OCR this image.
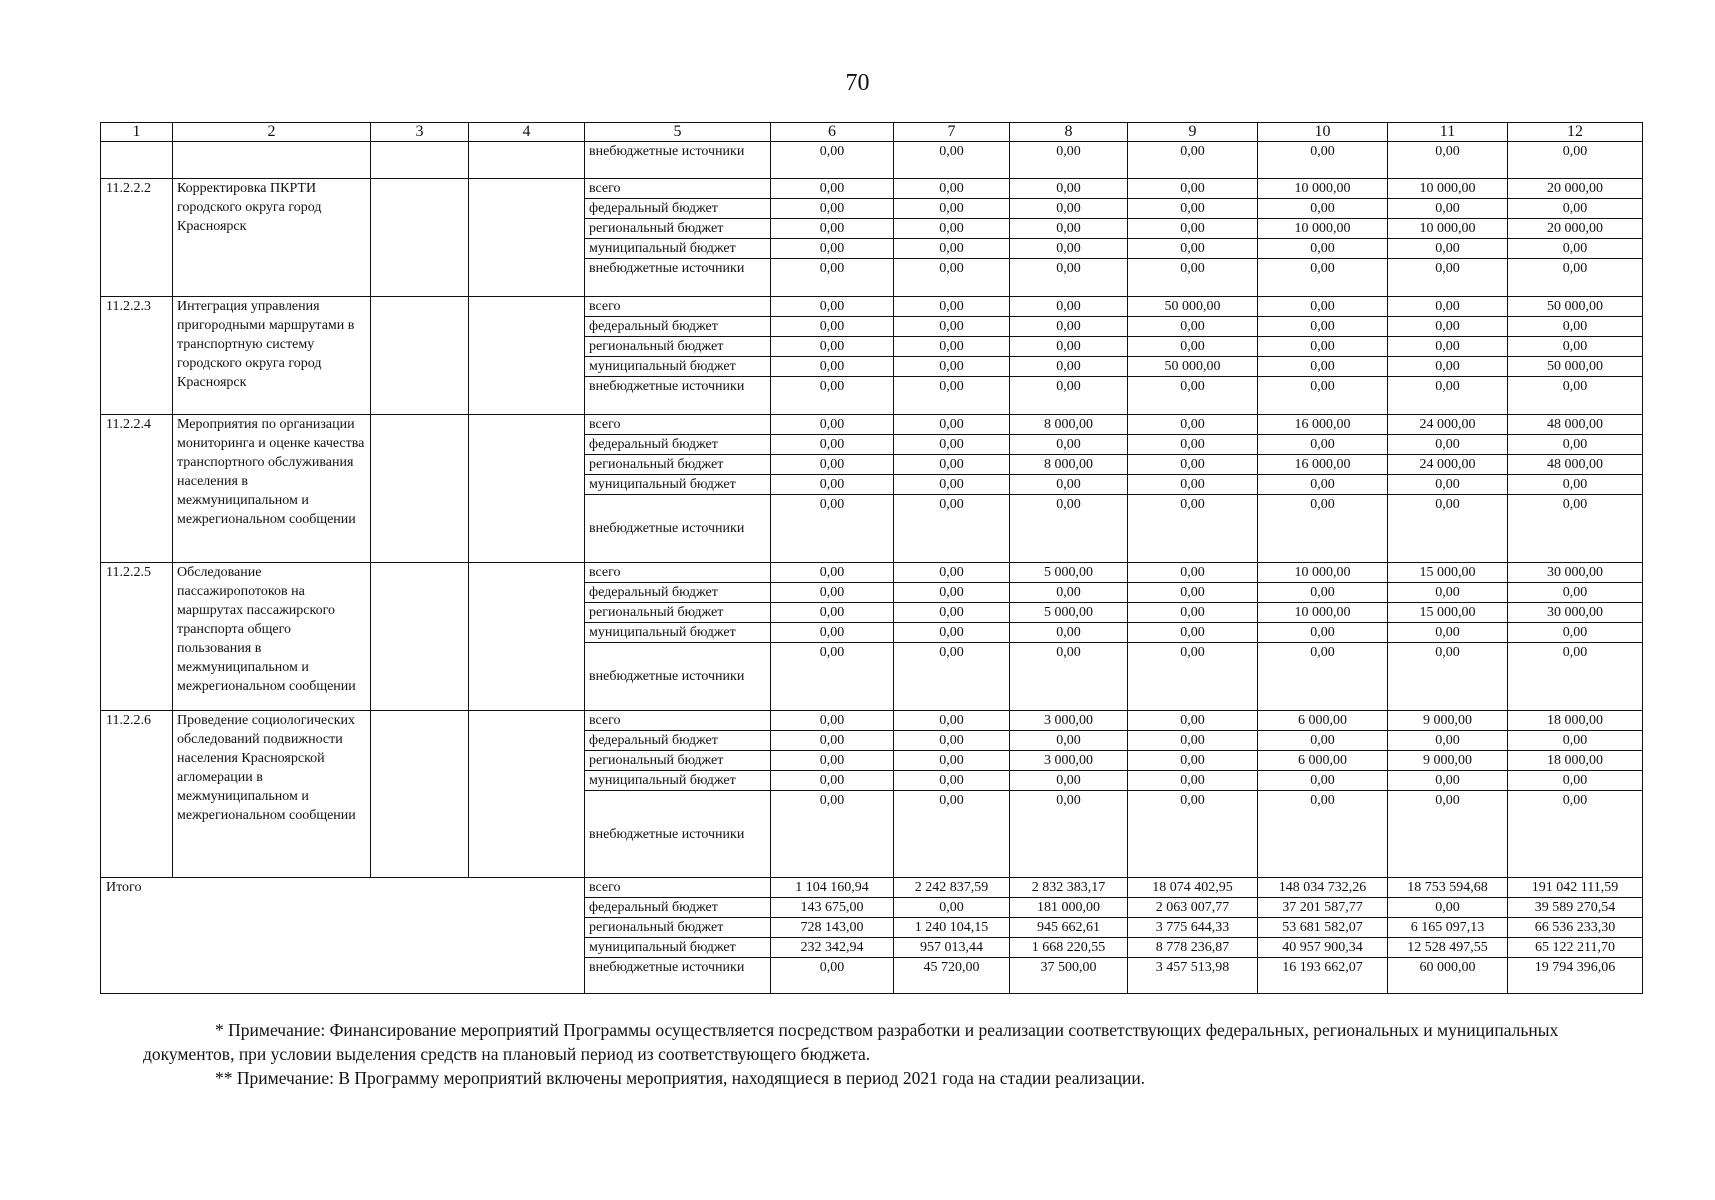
70
1	2	3	4	5	6	7	8	9	10	11	12
				внебюджетные источники	0,00	0,00	0,00	0,00	0,00	0,00	0,00
11.2.2.2	Корректировка ПКРТИ городского округа город Красноярск			всего	0,00	0,00	0,00	0,00	10 000,00	10 000,00	20 000,00
				федеральный бюджет	0,00	0,00	0,00	0,00	0,00	0,00	0,00
				региональный бюджет	0,00	0,00	0,00	0,00	10 000,00	10 000,00	20 000,00
				муниципальный бюджет	0,00	0,00	0,00	0,00	0,00	0,00	0,00
				внебюджетные источники	0,00	0,00	0,00	0,00	0,00	0,00	0,00
11.2.2.3	Интеграция управления пригородными маршрутами в транспортную систему городского округа город Красноярск			всего	0,00	0,00	0,00	50 000,00	0,00	0,00	50 000,00
				федеральный бюджет	0,00	0,00	0,00	0,00	0,00	0,00	0,00
				региональный бюджет	0,00	0,00	0,00	0,00	0,00	0,00	0,00
				муниципальный бюджет	0,00	0,00	0,00	50 000,00	0,00	0,00	50 000,00
				внебюджетные источники	0,00	0,00	0,00	0,00	0,00	0,00	0,00
11.2.2.4	Мероприятия по организации мониторинга и оценке качества транспортного обслуживания населения в межмуниципальном и межрегиональном сообщении			всего	0,00	0,00	8 000,00	0,00	16 000,00	24 000,00	48 000,00
				федеральный бюджет	0,00	0,00	0,00	0,00	0,00	0,00	0,00
				региональный бюджет	0,00	0,00	8 000,00	0,00	16 000,00	24 000,00	48 000,00
				муниципальный бюджет	0,00	0,00	0,00	0,00	0,00	0,00	0,00
				внебюджетные источники	0,00	0,00	0,00	0,00	0,00	0,00	0,00
11.2.2.5	Обследование пассажиропотоков на маршрутах пассажирского транспорта общего пользования в межмуниципальном и межрегиональном сообщении			всего	0,00	0,00	5 000,00	0,00	10 000,00	15 000,00	30 000,00
				федеральный бюджет	0,00	0,00	0,00	0,00	0,00	0,00	0,00
				региональный бюджет	0,00	0,00	5 000,00	0,00	10 000,00	15 000,00	30 000,00
				муниципальный бюджет	0,00	0,00	0,00	0,00	0,00	0,00	0,00
				внебюджетные источники	0,00	0,00	0,00	0,00	0,00	0,00	0,00
11.2.2.6	Проведение социологических обследований подвижности населения Красноярской агломерации в межмуниципальном и межрегиональном сообщении			всего	0,00	0,00	3 000,00	0,00	6 000,00	9 000,00	18 000,00
				федеральный бюджет	0,00	0,00	0,00	0,00	0,00	0,00	0,00
				региональный бюджет	0,00	0,00	3 000,00	0,00	6 000,00	9 000,00	18 000,00
				муниципальный бюджет	0,00	0,00	0,00	0,00	0,00	0,00	0,00
				внебюджетные источники	0,00	0,00	0,00	0,00	0,00	0,00	0,00
Итого				всего	1 104 160,94	2 242 837,59	2 832 383,17	18 074 402,95	148 034 732,26	18 753 594,68	191 042 111,59
				федеральный бюджет	143 675,00	0,00	181 000,00	2 063 007,77	37 201 587,77	0,00	39 589 270,54
				региональный бюджет	728 143,00	1 240 104,15	945 662,61	3 775 644,33	53 681 582,07	6 165 097,13	66 536 233,30
				муниципальный бюджет	232 342,94	957 013,44	1 668 220,55	8 778 236,87	40 957 900,34	12 528 497,55	65 122 211,70
				внебюджетные источники	0,00	45 720,00	37 500,00	3 457 513,98	16 193 662,07	60 000,00	19 794 396,06

* Примечание: Финансирование мероприятий Программы осуществляется посредством разработки и реализации соответствующих федеральных, региональных и муниципальных документов, при условии выделения средств на плановый период из соответствующего бюджета.

** Примечание: В Программу мероприятий включены мероприятия, находящиеся в период 2021 года на стадии реализации.
